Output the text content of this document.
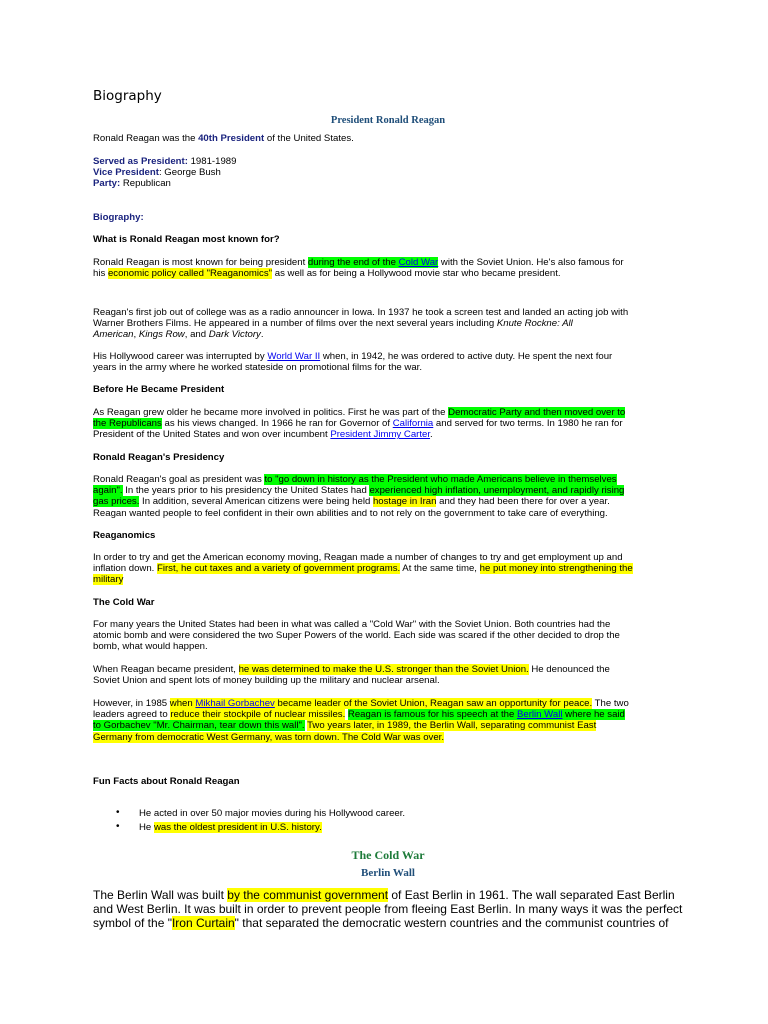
Biography
President Ronald Reagan
Ronald Reagan was the 40th President of the United States.
Served as President: 1981-1989
Vice President: George Bush
Party: Republican
Biography:
What is Ronald Reagan most known for?
Ronald Reagan is most known for being president during the end of the Cold War with the Soviet Union. He's also famous for
his economic policy called "Reaganomics" as well as for being a Hollywood movie star who became president.
Reagan's first job out of college was as a radio announcer in Iowa. In 1937 he took a screen test and landed an acting job with
Warner Brothers Films. He appeared in a number of films over the next several years including Knute Rockne: All
American, Kings Row, and Dark Victory.
His Hollywood career was interrupted by World War II when, in 1942, he was ordered to active duty. He spent the next four
years in the army where he worked stateside on promotional films for the war.
Before He Became President
As Reagan grew older he became more involved in politics. First he was part of the Democratic Party and then moved over to
the Republicans as his views changed. In 1966 he ran for Governor of California and served for two terms. In 1980 he ran for
President of the United States and won over incumbent President Jimmy Carter.
Ronald Reagan's Presidency
Ronald Reagan's goal as president was to "go down in history as the President who made Americans believe in themselves
again". In the years prior to his presidency the United States had experienced high inflation, unemployment, and rapidly rising
gas prices. In addition, several American citizens were being held hostage in Iran and they had been there for over a year.
Reagan wanted people to feel confident in their own abilities and to not rely on the government to take care of everything.
Reaganomics
In order to try and get the American economy moving, Reagan made a number of changes to try and get employment up and
inflation down. First, he cut taxes and a variety of government programs. At the same time, he put money into strengthening the
military
The Cold War
For many years the United States had been in what was called a "Cold War" with the Soviet Union. Both countries had the
atomic bomb and were considered the two Super Powers of the world. Each side was scared if the other decided to drop the
bomb, what would happen.
When Reagan became president, he was determined to make the U.S. stronger than the Soviet Union. He denounced the
Soviet Union and spent lots of money building up the military and nuclear arsenal.
However, in 1985 when Mikhail Gorbachev became leader of the Soviet Union, Reagan saw an opportunity for peace. The two
leaders agreed to reduce their stockpile of nuclear missiles. Reagan is famous for his speech at the Berlin Wall where he said
to Gorbachev "Mr. Chairman, tear down this wall". Two years later, in 1989, the Berlin Wall, separating communist East
Germany from democratic West Germany, was torn down. The Cold War was over.
Fun Facts about Ronald Reagan
• He acted in over 50 major movies during his Hollywood career.
• He was the oldest president in U.S. history.
The Cold War
Berlin Wall
The Berlin Wall was built by the communist government of East Berlin in 1961. The wall separated East Berlin
and West Berlin. It was built in order to prevent people from fleeing East Berlin. In many ways it was the perfect
symbol of the "Iron Curtain" that separated the democratic western countries and the communist countries of
